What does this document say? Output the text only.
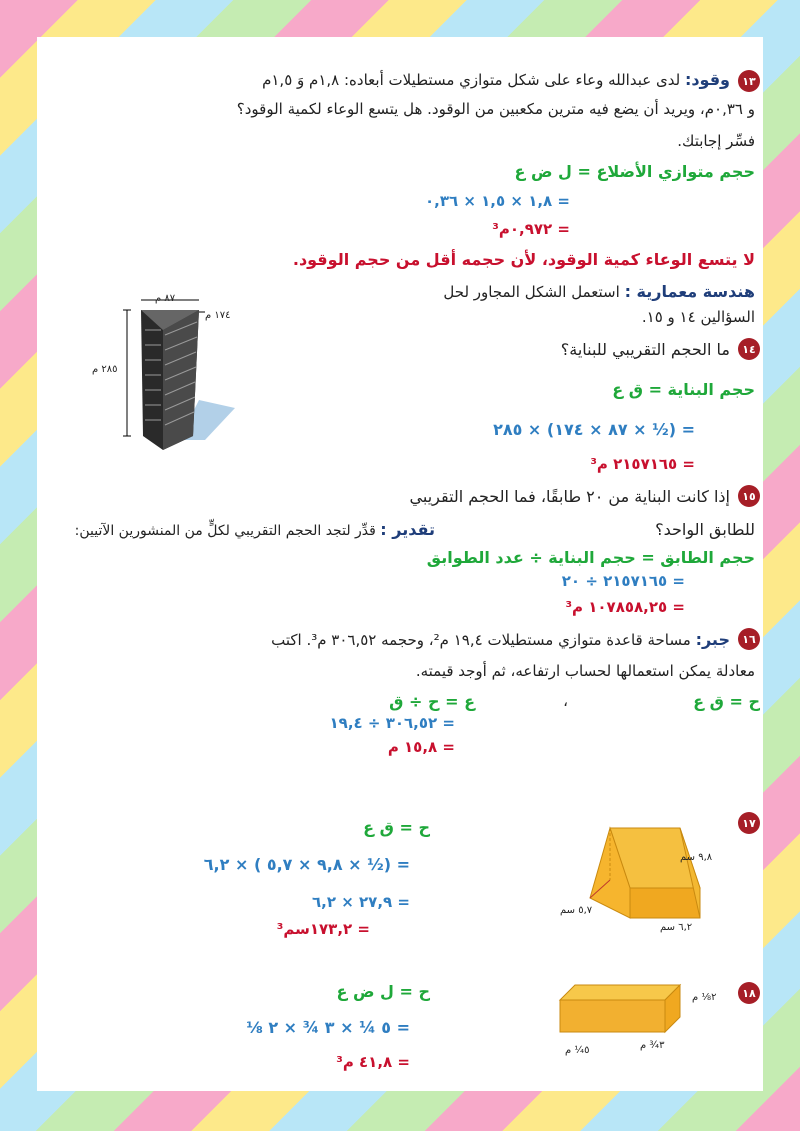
١٣
وقود: لدى عبدالله وعاء على شكل متوازي مستطيلات أبعاده: ١,٨م وَ ١,٥م
و ٠,٣٦م، ويريد أن يضع فيه مترين مكعبين من الوقود. هل يتسع الوعاء لكمية الوقود؟
فسِّر إجابتك.
حجم متوازي الأضلاع = ل ض ع
= ١,٨ × ١,٥ × ٠,٣٦
= ٠,٩٧٢م³
لا يتسع الوعاء كمية الوقود، لأن حجمه أقل من حجم الوقود.
هندسة معمارية : استعمل الشكل المجاور لحل
السؤالين ١٤ و ١٥.
٨٧ م
١٧٤ م
٢٨٥ م
١٤
ما الحجم التقريبي للبناية؟
حجم البناية = ق ع
= (½ × ٨٧ × ١٧٤) × ٢٨٥
= ٢١٥٧١٦٥ م³
١٥
إذا كانت البناية من ٢٠ طابقًا، فما الحجم التقريبي
للطابق الواحد؟
تقدير : قدِّر لتجد الحجم التقريبي لكلٍّ من المنشورين الآتيين:
حجم الطابق = حجم البناية ÷ عدد الطوابق
= ٢١٥٧١٦٥ ÷ ٢٠
= ١٠٧٨٥٨,٢٥ م³
١٦
جبر: مساحة قاعدة متوازي مستطيلات ١٩,٤ م²، وحجمه ٣٠٦,٥٢ م³. اكتب
معادلة يمكن استعمالها لحساب ارتفاعه، ثم أوجد قيمته.
ح = ق ع
،
ع = ح ÷ ق
= ٣٠٦,٥٢ ÷ ١٩,٤
= ١٥,٨ م
١٧
ح = ق ع
= (½ × ٩,٨ × ٥,٧ ) × ٦,٢
= ٢٧,٩ × ٦,٢
= ١٧٣,٢سم³
٩,٨ سم
٥,٧ سم
٦,٢ سم
١٨
ح = ل ض ع
= ٥ ¼ × ٣ ¾ × ٢ ⅛
= ٤١,٨ م³
٢⅛ م
٣¾ م
٥¼ م
